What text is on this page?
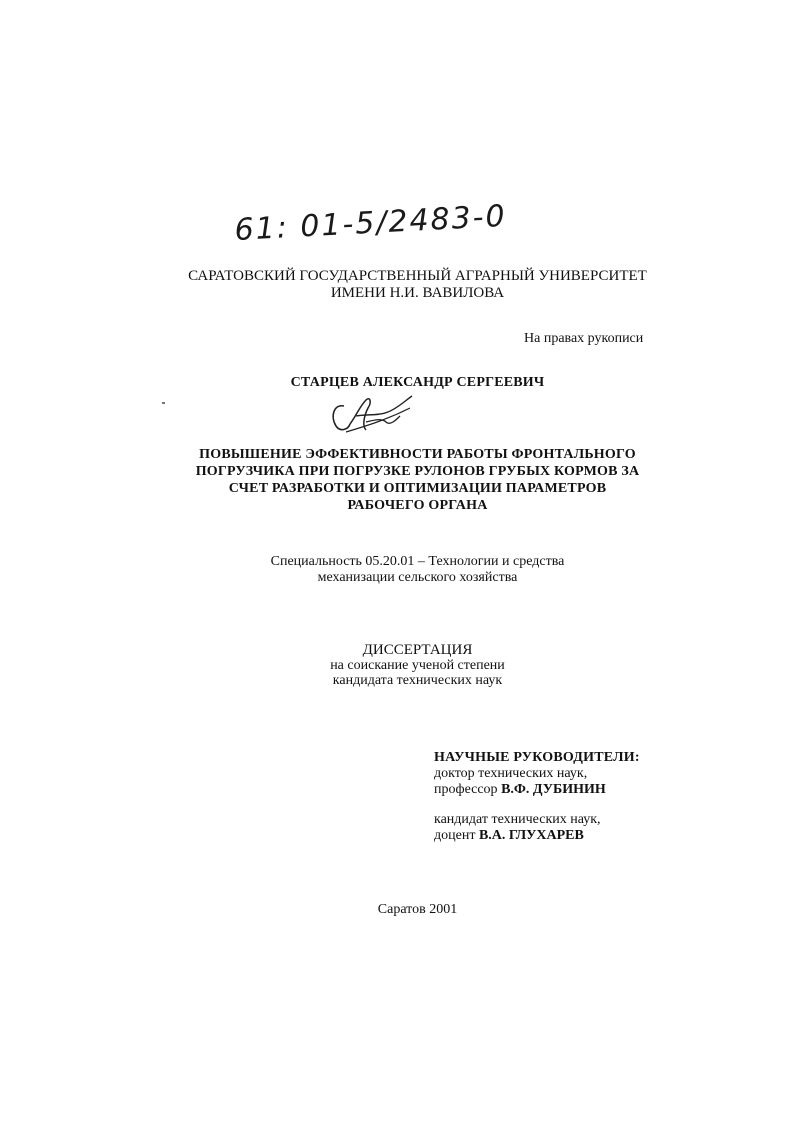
61: 01-5/2483-0
САРАТОВСКИЙ ГОСУДАРСТВЕННЫЙ АГРАРНЫЙ УНИВЕРСИТЕТ
ИМЕНИ Н.И. ВАВИЛОВА
На правах рукописи
СТАРЦЕВ АЛЕКСАНДР СЕРГЕЕВИЧ
ПОВЫШЕНИЕ ЭФФЕКТИВНОСТИ РАБОТЫ ФРОНТАЛЬНОГО
ПОГРУЗЧИКА ПРИ ПОГРУЗКЕ РУЛОНОВ ГРУБЫХ КОРМОВ ЗА
СЧЕТ РАЗРАБОТКИ И ОПТИМИЗАЦИИ ПАРАМЕТРОВ
РАБОЧЕГО ОРГАНА
Специальность 05.20.01 – Технологии и средства
механизации сельского хозяйства
ДИССЕРТАЦИЯ
на соискание ученой степени
кандидата технических наук
НАУЧНЫЕ РУКОВОДИТЕЛИ:
доктор технических наук,
профессор В.Ф. ДУБИНИН
кандидат технических наук,
доцент В.А. ГЛУХАРЕВ
Саратов 2001
